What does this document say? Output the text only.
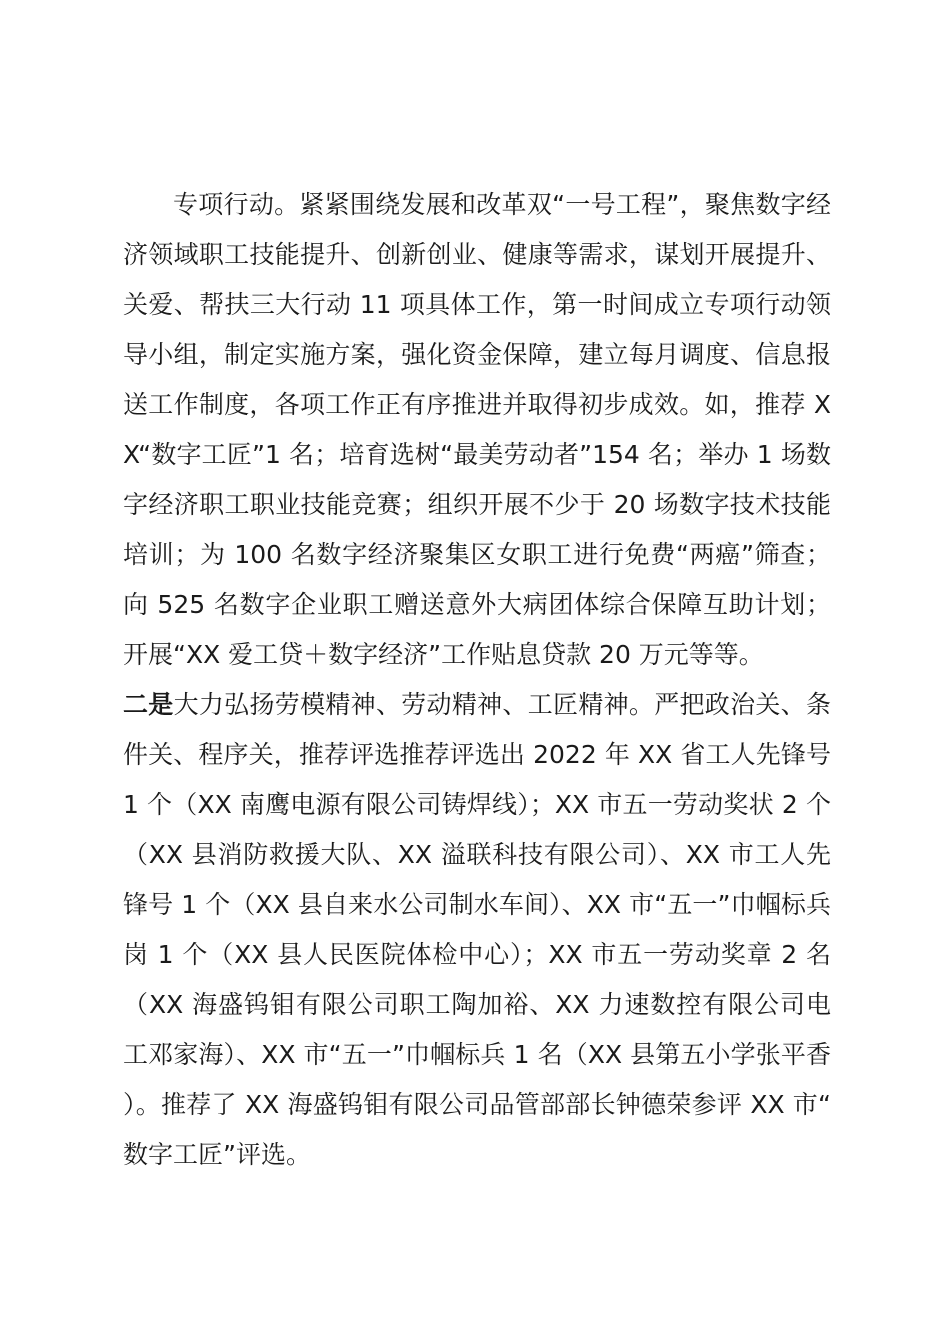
专项行动。紧紧围绕发展和改革双“一号工程”，聚焦数字经济领域职工技能提升、创新创业、健康等需求，谋划开展提升、关爱、帮扶三大行动 11 项具体工作，第一时间成立专项行动领导小组，制定实施方案，强化资金保障，建立每月调度、信息报送工作制度，各项工作正有序推进并取得初步成效。如，推荐 XX“数字工匠”1 名；培育选树“最美劳动者”154 名；举办 1 场数字经济职工职业技能竞赛；组织开展不少于 20 场数字技术技能培训；为 100 名数字经济聚集区女职工进行免费“两癌”筛查；向 525 名数字企业职工赠送意外大病团体综合保障互助计划；开展“XX 爱工贷＋数字经济”工作贴息贷款 20 万元等等。

二是大力弘扬劳模精神、劳动精神、工匠精神。严把政治关、条件关、程序关，推荐评选推荐评选出 2022 年 XX 省工人先锋号 1 个（XX 南鹰电源有限公司铸焊线）；XX 市五一劳动奖状 2 个（XX 县消防救援大队、XX 溢联科技有限公司）、XX 市工人先锋号 1 个（XX 县自来水公司制水车间）、XX 市“五一”巾帼标兵岗 1 个（XX 县人民医院体检中心）；XX 市五一劳动奖章 2 名（XX 海盛钨钼有限公司职工陶加裕、XX 力速数控有限公司电工邓家海）、XX 市“五一”巾帼标兵 1 名（XX 县第五小学张平香）。推荐了 XX 海盛钨钼有限公司品管部部长钟德荣参评 XX 市“数字工匠”评选。
